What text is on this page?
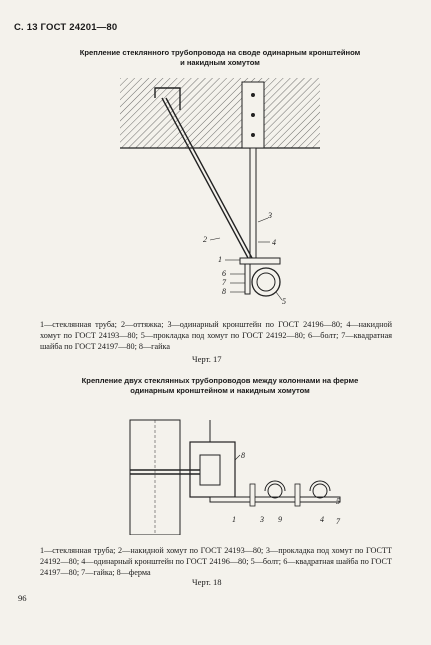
С. 13 ГОСТ 24201—80
Крепление стеклянного трубопровода на своде одинарным кронштейном
и накидным хомутом
3
2	4
1
6
7
8
5
1—стеклянная труба; 2—оттяжка; 3—одинарный кронштейн по ГОСТ 24196—80; 4—накидной хомут по ГОСТ 24193—80; 5—прокладка под хомут по ГОСТ 24192—80; 6—болт; 7—квадратная шайба по ГОСТ 24197—80; 8—гайка
Черт. 17
Крепление двух стеклянных трубопроводов между колоннами на ферме
одинарным кронштейном и накидным хомутом
8
1	3 9	4
5
7
1—стеклянная труба; 2—накидной хомут по ГОСТ 24193—80; 3—прокладка под хомут по ГОСТТ 24192—80; 4—одинарный кронштейн по ГОСТ 24196—80; 5—болт; 6—квадратная шайба по ГОСТ 24197—80; 7—гайка; 8—ферма
Черт. 18
96
